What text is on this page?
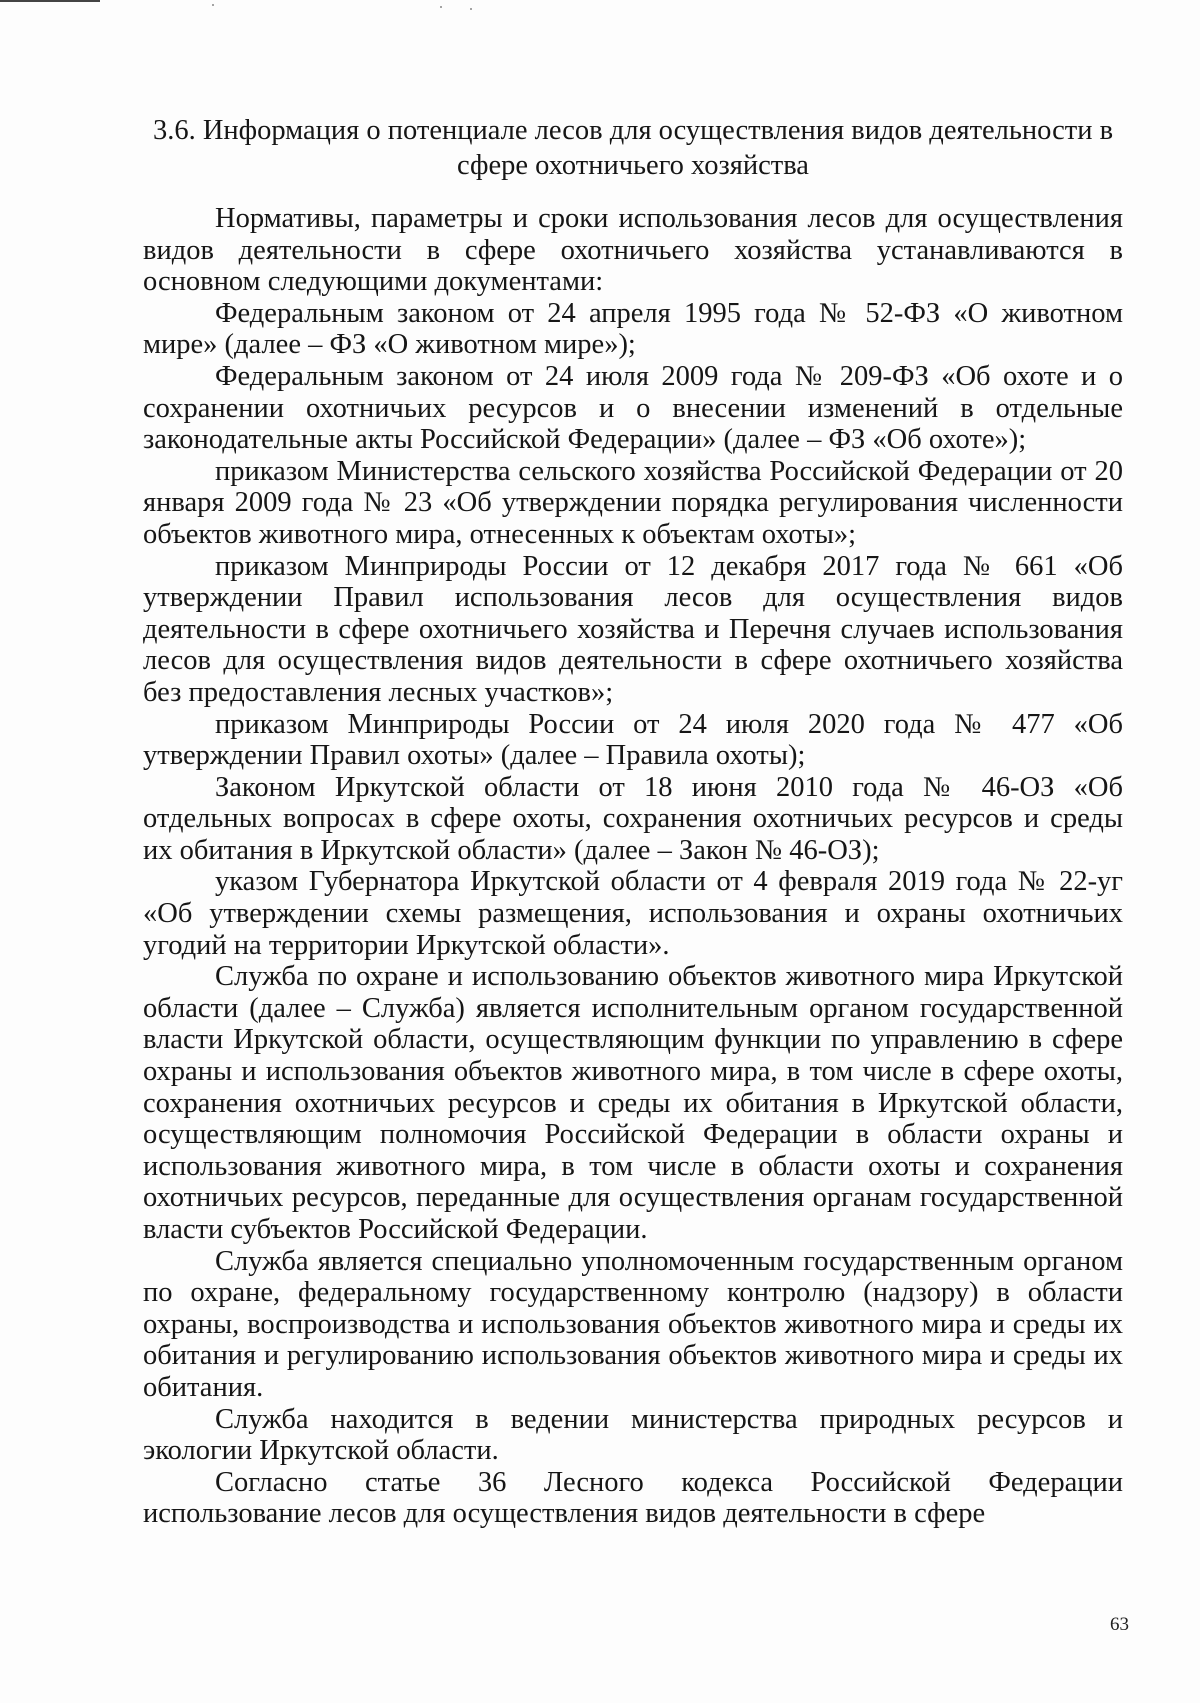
3.6. Информация о потенциале лесов для осуществления видов деятельности в сфере охотничьего хозяйства

Нормативы, параметры и сроки использования лесов для осуществления видов деятельности в сфере охотничьего хозяйства устанавливаются в основном следующими документами:

Федеральным законом от 24 апреля 1995 года № 52-ФЗ «О животном мире» (далее – ФЗ «О животном мире»);

Федеральным законом от 24 июля 2009 года № 209-ФЗ «Об охоте и о сохранении охотничьих ресурсов и о внесении изменений в отдельные законодательные акты Российской Федерации» (далее – ФЗ «Об охоте»);

приказом Министерства сельского хозяйства Российской Федерации от 20 января 2009 года № 23 «Об утверждении порядка регулирования численности объектов животного мира, отнесенных к объектам охоты»;

приказом Минприроды России от 12 декабря 2017 года № 661 «Об утверждении Правил использования лесов для осуществления видов деятельности в сфере охотничьего хозяйства и Перечня случаев использования лесов для осуществления видов деятельности в сфере охотничьего хозяйства без предоставления лесных участков»;

приказом Минприроды России от 24 июля 2020 года № 477 «Об утверждении Правил охоты» (далее – Правила охоты);

Законом Иркутской области от 18 июня 2010 года № 46-ОЗ «Об отдельных вопросах в сфере охоты, сохранения охотничьих ресурсов и среды их обитания в Иркутской области» (далее – Закон № 46-ОЗ);

указом Губернатора Иркутской области от 4 февраля 2019 года № 22-уг «Об утверждении схемы размещения, использования и охраны охотничьих угодий на территории Иркутской области».

Служба по охране и использованию объектов животного мира Иркутской области (далее – Служба) является исполнительным органом государственной власти Иркутской области, осуществляющим функции по управлению в сфере охраны и использования объектов животного мира, в том числе в сфере охоты, сохранения охотничьих ресурсов и среды их обитания в Иркутской области, осуществляющим полномочия Российской Федерации в области охраны и использования животного мира, в том числе в области охоты и сохранения охотничьих ресурсов, переданные для осуществления органам государственной власти субъектов Российской Федерации.

Служба является специально уполномоченным государственным органом по охране, федеральному государственному контролю (надзору) в области охраны, воспроизводства и использования объектов животного мира и среды их обитания и регулированию использования объектов животного мира и среды их обитания.

Служба находится в ведении министерства природных ресурсов и экологии Иркутской области.

Согласно статье 36 Лесного кодекса Российской Федерации использование лесов для осуществления видов деятельности в сфере

63
